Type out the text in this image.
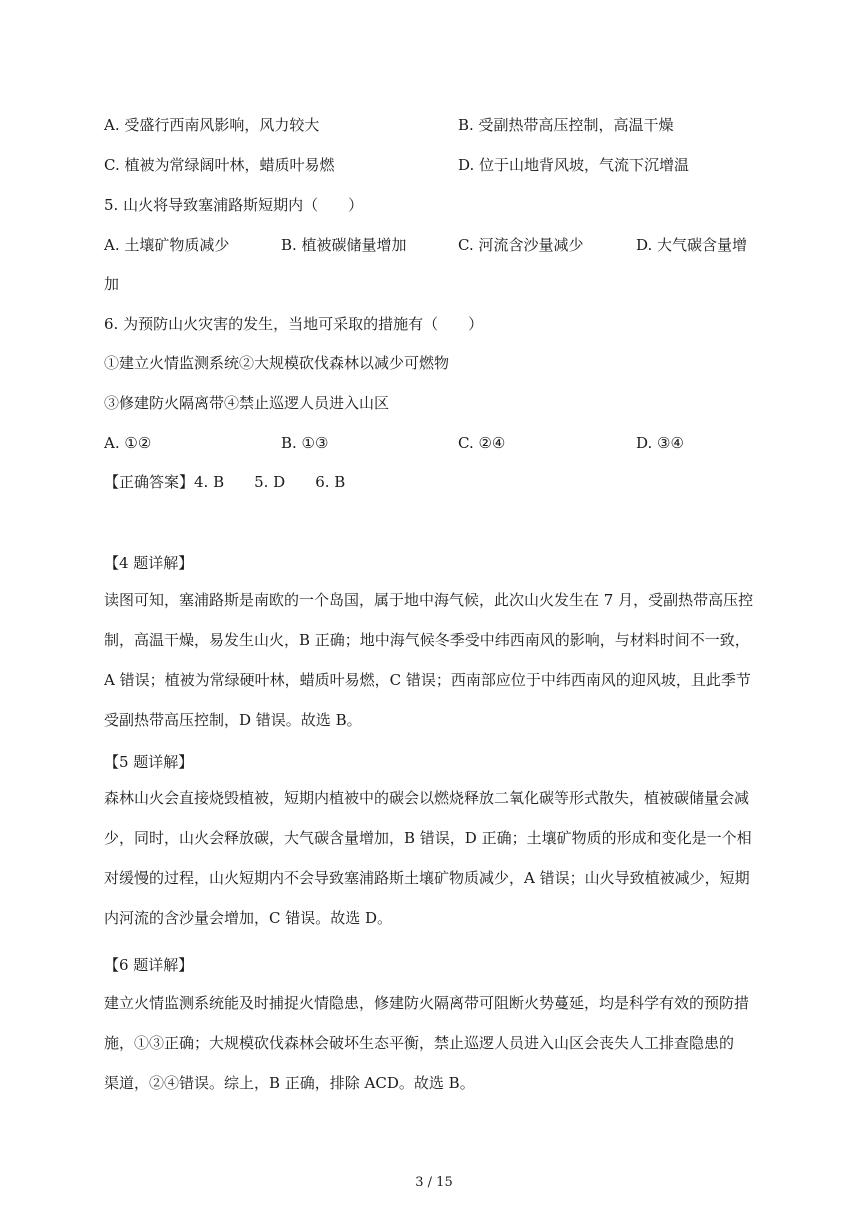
A. 受盛行西南风影响，风力较大	B. 受副热带高压控制，高温干燥
C. 植被为常绿阔叶林，蜡质叶易燃	D. 位于山地背风坡，气流下沉增温
5. 山火将导致塞浦路斯短期内（　　）
A. 土壤矿物质减少	B. 植被碳储量增加	C. 河流含沙量减少	D. 大气碳含量增
加
6. 为预防山火灾害的发生，当地可采取的措施有（　　）
①建立火情监测系统②大规模砍伐森林以减少可燃物
③修建防火隔离带④禁止巡逻人员进入山区
A. ①②	B. ①③	C. ②④	D. ③④
【正确答案】4. B　　5. D　　6. B
【4 题详解】
读图可知，塞浦路斯是南欧的一个岛国，属于地中海气候，此次山火发生在 7 月，受副热带高压控
制，高温干燥，易发生山火，B 正确；地中海气候冬季受中纬西南风的影响，与材料时间不一致，
A 错误；植被为常绿硬叶林，蜡质叶易燃，C 错误；西南部应位于中纬西南风的迎风坡，且此季节
受副热带高压控制，D 错误。故选 B。
【5 题详解】
森林山火会直接烧毁植被，短期内植被中的碳会以燃烧释放二氧化碳等形式散失，植被碳储量会减
少，同时，山火会释放碳，大气碳含量增加，B 错误，D 正确；土壤矿物质的形成和变化是一个相
对缓慢的过程，山火短期内不会导致塞浦路斯土壤矿物质减少，A 错误；山火导致植被减少，短期
内河流的含沙量会增加，C 错误。故选 D。
【6 题详解】
建立火情监测系统能及时捕捉火情隐患，修建防火隔离带可阻断火势蔓延，均是科学有效的预防措
施，①③正确；大规模砍伐森林会破坏生态平衡，禁止巡逻人员进入山区会丧失人工排查隐患的
渠道，②④错误。综上，B 正确，排除 ACD。故选 B。
3 / 15
